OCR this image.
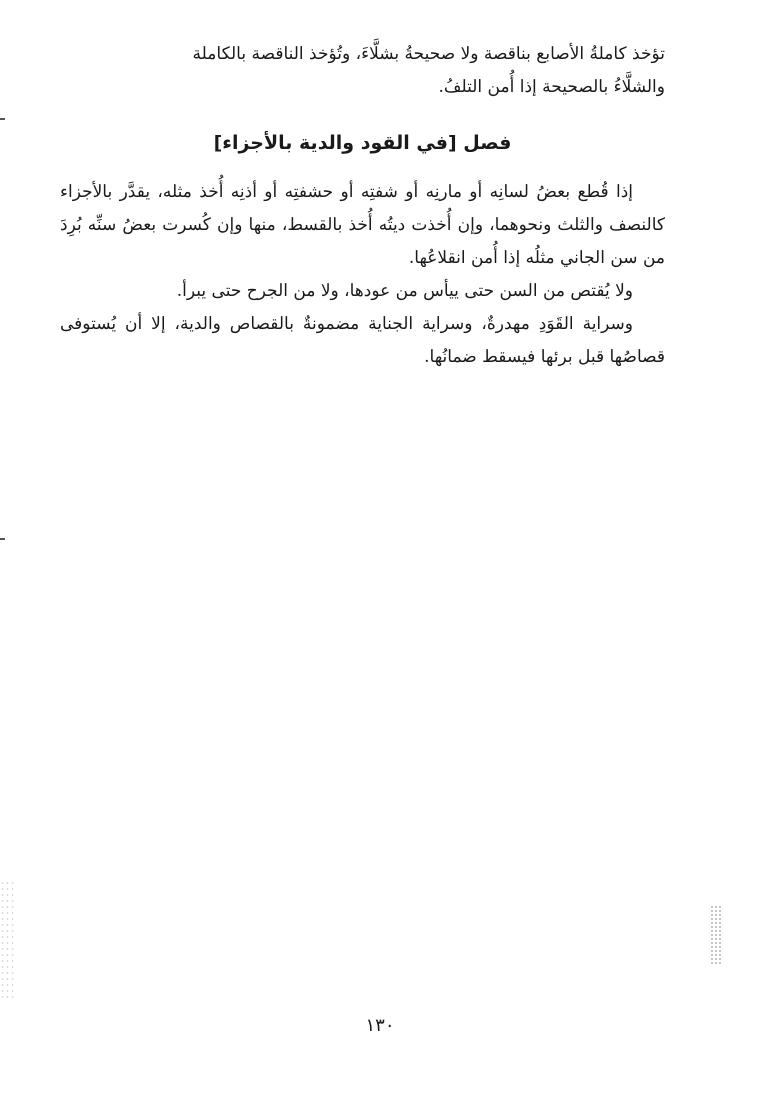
تؤخذ كاملةُ الأصابع بناقصة ولا صحيحةُ بشلَّاءَ، وتُؤخذ الناقصة بالكاملة
والشلَّاءُ بالصحيحة إذا أُمن التلفُ.
فصل [في القود والدية بالأجزاء]

إذا قُطع بعضُ لسانِه أو مارنِه أو شفتِه أو حشفتِه أو أذنِه أُخذ مثله، يقدَّر بالأجزاء كالنصف والثلث ونحوهما، وإن أُخذت ديتُه أُخذ بالقسط، منها وإن كُسرت بعضُ سنِّه بُرِدَ من سن الجاني مثلُه إذا أُمن انقلاعُها.

ولا يُقتص من السن حتى ييأس من عودها، ولا من الجرح حتى يبرأ.

وسراية القَوَدِ مهدرةٌ، وسراية الجناية مضمونةٌ بالقصاص والدية، إلا أن يُستوفى قصاصُها قبل برئها فيسقط ضمانُها.

١٣٠
